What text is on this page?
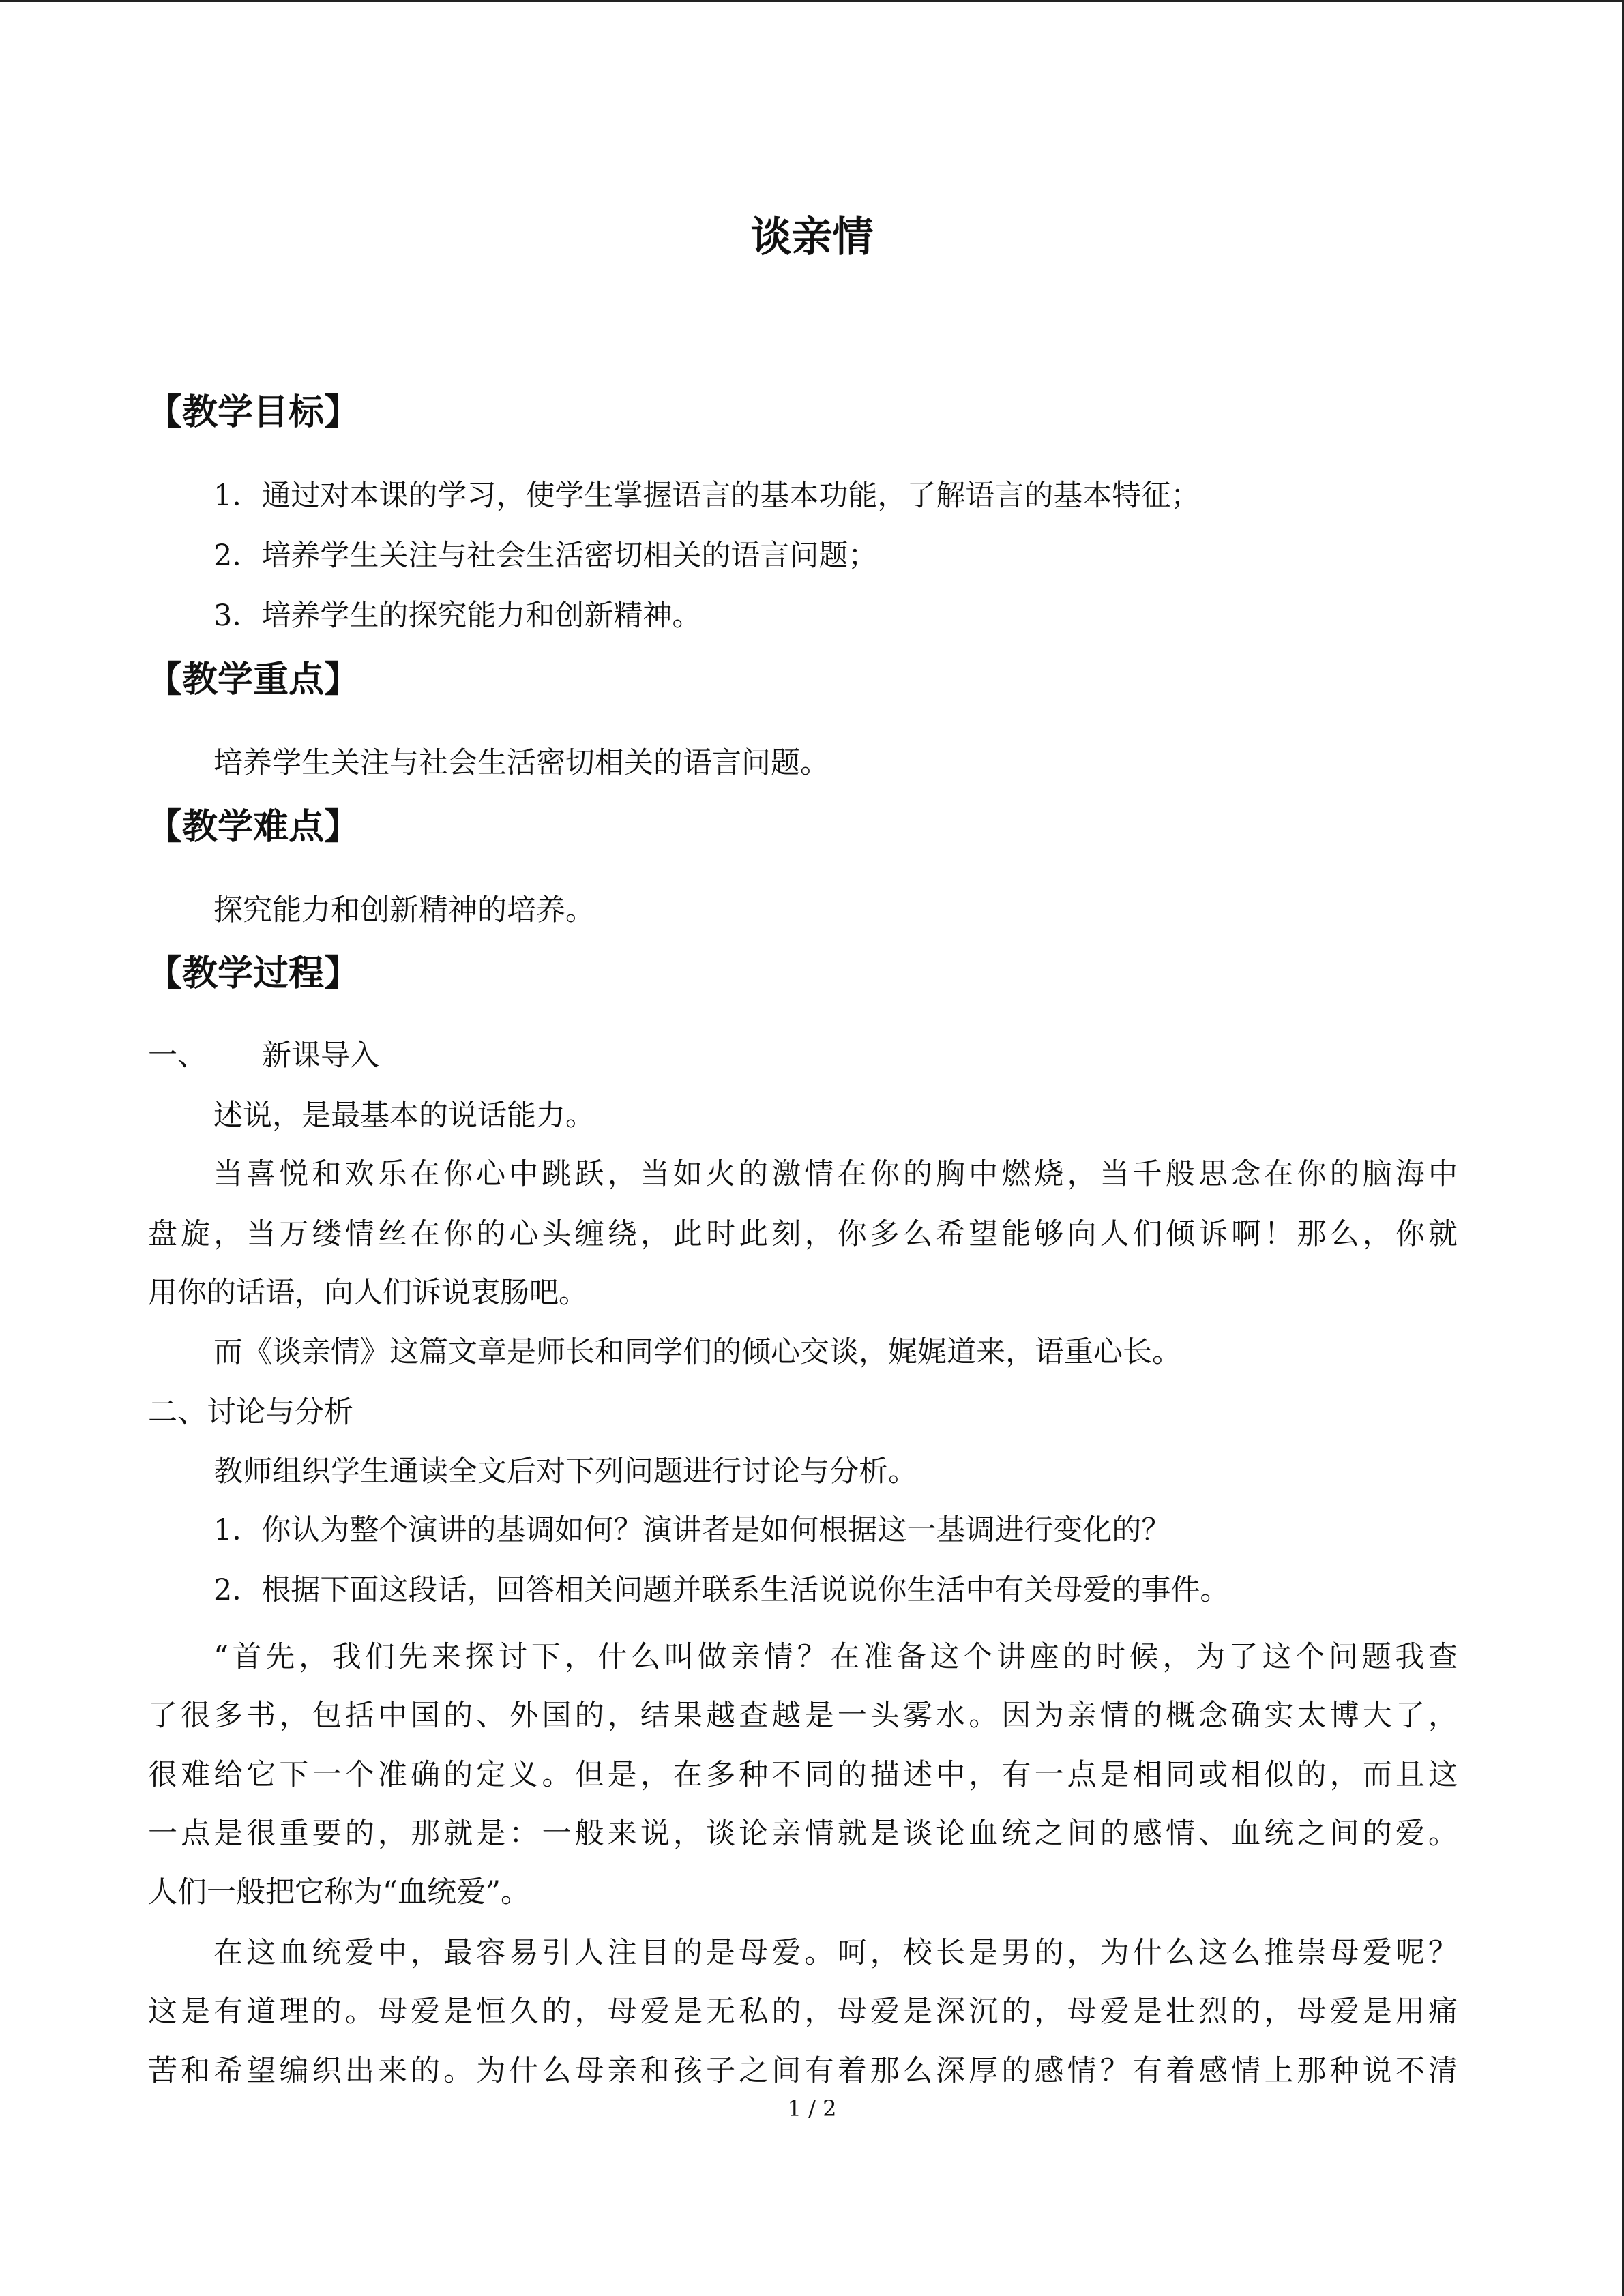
谈亲情
【教学目标】

1．通过对本课的学习，使学生掌握语言的基本功能，了解语言的基本特征；

2．培养学生关注与社会生活密切相关的语言问题；

3．培养学生的探究能力和创新精神。

【教学重点】

培养学生关注与社会生活密切相关的语言问题。

【教学难点】

探究能力和创新精神的培养。

【教学过程】
一、 新课导入

述说，是最基本的说话能力。

当喜悦和欢乐在你心中跳跃，当如火的激情在你的胸中燃烧，当千般思念在你的脑海中

盘旋，当万缕情丝在你的心头缠绕，此时此刻，你多么希望能够向人们倾诉啊！那么，你就

用你的话语，向人们诉说衷肠吧。

而《谈亲情》这篇文章是师长和同学们的倾心交谈，娓娓道来，语重心长。

二、讨论与分析

教师组织学生通读全文后对下列问题进行讨论与分析。

1．你认为整个演讲的基调如何？演讲者是如何根据这一基调进行变化的？

2．根据下面这段话，回答相关问题并联系生活说说你生活中有关母爱的事件。

“首先，我们先来探讨下，什么叫做亲情？在准备这个讲座的时候，为了这个问题我查

了很多书，包括中国的、外国的，结果越查越是一头雾水。因为亲情的概念确实太博大了，

很难给它下一个准确的定义。但是，在多种不同的描述中，有一点是相同或相似的，而且这

一点是很重要的，那就是：一般来说，谈论亲情就是谈论血统之间的感情、血统之间的爱。

人们一般把它称为“血统爱”。

在这血统爱中，最容易引人注目的是母爱。呵，校长是男的，为什么这么推崇母爱呢？

这是有道理的。母爱是恒久的，母爱是无私的，母爱是深沉的，母爱是壮烈的，母爱是用痛

苦和希望编织出来的。为什么母亲和孩子之间有着那么深厚的感情？有着感情上那种说不清

1 / 2
